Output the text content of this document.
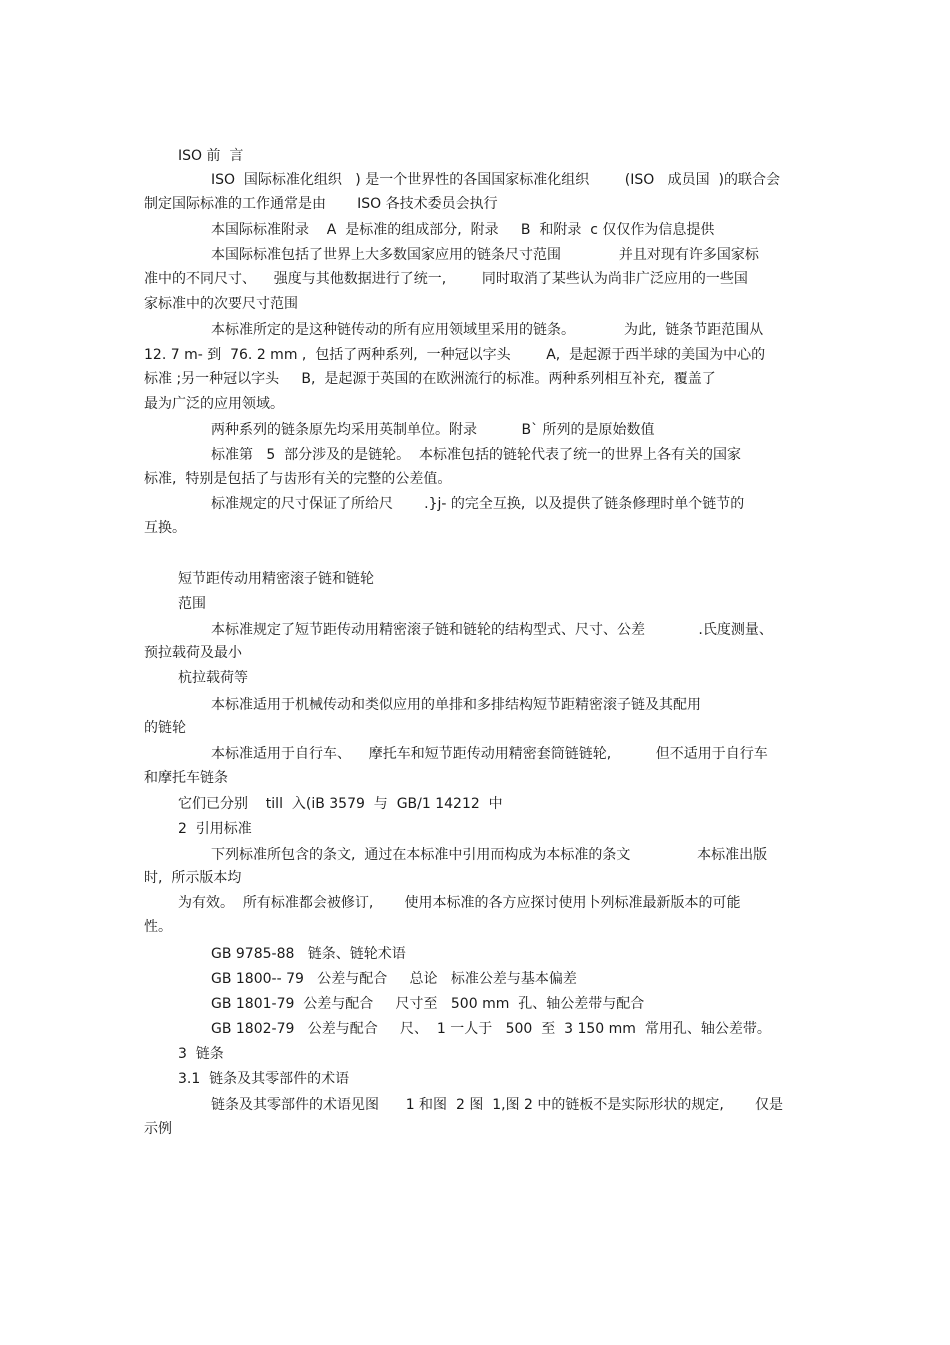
ISO 前  言
ISO  国际标准化组织   ) 是一个世界性的各国国家标准化组织        (ISO   成员国  )的联合会
制定国际标准的工作通常是由       ISO 各技术委员会执行
本国际标准附录    A  是标准的组成部分,  附录     B  和附录  c 仅仅作为信息提供
本国际标准包括了世界上大多数国家应用的链条尺寸范围             并且对现有许多国家标
准中的不同尺寸、    强度与其他数据进行了统一,        同时取消了某些认为尚非广泛应用的一些国
家标准中的次要尺寸范围
本标准所定的是这种链传动的所有应用领域里采用的链条。           为此,  链条节距范围从
12. 7 m- 到  76. 2 mm ,  包括了两种系列,  一种冠以字头        A,  是起源于西半球的美国为中心的
标准 ;另一种冠以字头     B,  是起源于英国的在欧洲流行的标准。两种系列相互补充,  覆盖了
最为广泛的应用领域。
两种系列的链条原先均采用英制单位。附录          B` 所列的是原始数值
标准第   5  部分涉及的是链轮。  本标准包括的链轮代表了统一的世界上各有关的国家
标准,  特别是包括了与齿形有关的完整的公差值。
标准规定的尺寸保证了所给尺       .}j- 的完全互换,  以及提供了链条修理时单个链节的
互换。
短节距传动用精密滚子链和链轮
范围
本标准规定了短节距传动用精密滚子链和链轮的结构型式、尺寸、公差            .氏度测量、
预拉载荷及最小
杭拉载荷等
本标准适用于机械传动和类似应用的单排和多排结构短节距精密滚子链及其配用
的链轮
本标准适用于自行车、    摩托车和短节距传动用精密套筒链链轮,          但不适用于自行车
和摩托车链条
它们已分别    till  入(iB 3579  与  GB/1 14212  中
2  引用标准
下列标准所包含的条文,  通过在本标准中引用而构成为本标准的条文               本标准出版
时,  所示版本均
为有效。  所有标准都会被修订,       使用本标准的各方应探讨使用卜列标准最新版本的可能
性。
GB 9785-88   链条、链轮术语
GB 1800-- 79   公差与配合     总论   标准公差与基本偏差
GB 1801-79  公差与配合     尺寸至   500 mm  孔、轴公差带与配合
GB 1802-79   公差与配合     尺、  1 一人于   500  至  3 150 mm  常用孔、轴公差带。
3  链条
3.1  链条及其零部件的术语
链条及其零部件的术语见图      1 和图  2 图  1,图 2 中的链板不是实际形状的规定,       仅是
示例
